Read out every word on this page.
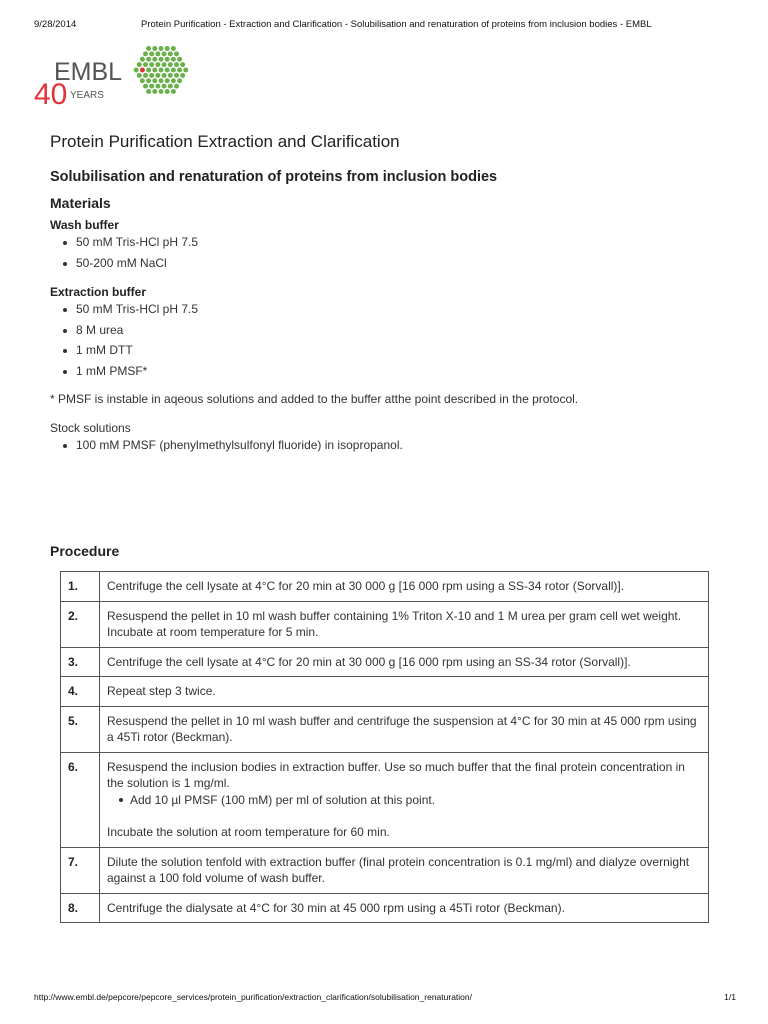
9/28/2014	Protein Purification - Extraction and Clarification - Solubilisation and renaturation of proteins from inclusion bodies - EMBL
EMBL
40 YEARS
Protein Purification Extraction and Clarification
Solubilisation and renaturation of proteins from inclusion bodies
Materials
Wash buffer
50 mM Tris-HCl pH 7.5
50-200 mM NaCl
Extraction buffer
50 mM Tris-HCl pH 7.5
8 M urea
1 mM DTT
1 mM PMSF*
* PMSF is instable in aqeous solutions and added to the buffer atthe point described in the protocol.
Stock solutions
100 mM PMSF (phenylmethylsulfonyl fluoride) in isopropanol.
Procedure
1.	Centrifuge the cell lysate at 4°C for 20 min at 30 000 g [16 000 rpm using a SS-34 rotor (Sorvall)].
2.	Resuspend the pellet in 10 ml wash buffer containing 1% Triton X-10 and 1 M urea per gram cell wet weight. Incubate at room temperature for 5 min.
3.	Centrifuge the cell lysate at 4°C for 20 min at 30 000 g [16 000 rpm using an SS-34 rotor (Sorvall)].
4.	Repeat step 3 twice.
5.	Resuspend the pellet in 10 ml wash buffer and centrifuge the suspension at 4°C for 30 min at 45 000 rpm using a 45Ti rotor (Beckman).
6.	Resuspend the inclusion bodies in extraction buffer. Use so much buffer that the final protein concentration in the solution is 1 mg/ml.
Add 10 µl PMSF (100 mM) per ml of solution at this point.
Incubate the solution at room temperature for 60 min.

7.	Dilute the solution tenfold with extraction buffer (final protein concentration is 0.1 mg/ml) and dialyze overnight against a 100 fold volume of wash buffer.
8.	Centrifuge the dialysate at 4°C for 30 min at 45 000 rpm using a 45Ti rotor (Beckman).
http://www.embl.de/pepcore/pepcore_services/protein_purification/extraction_clarification/solubilisation_renaturation/	1/1
